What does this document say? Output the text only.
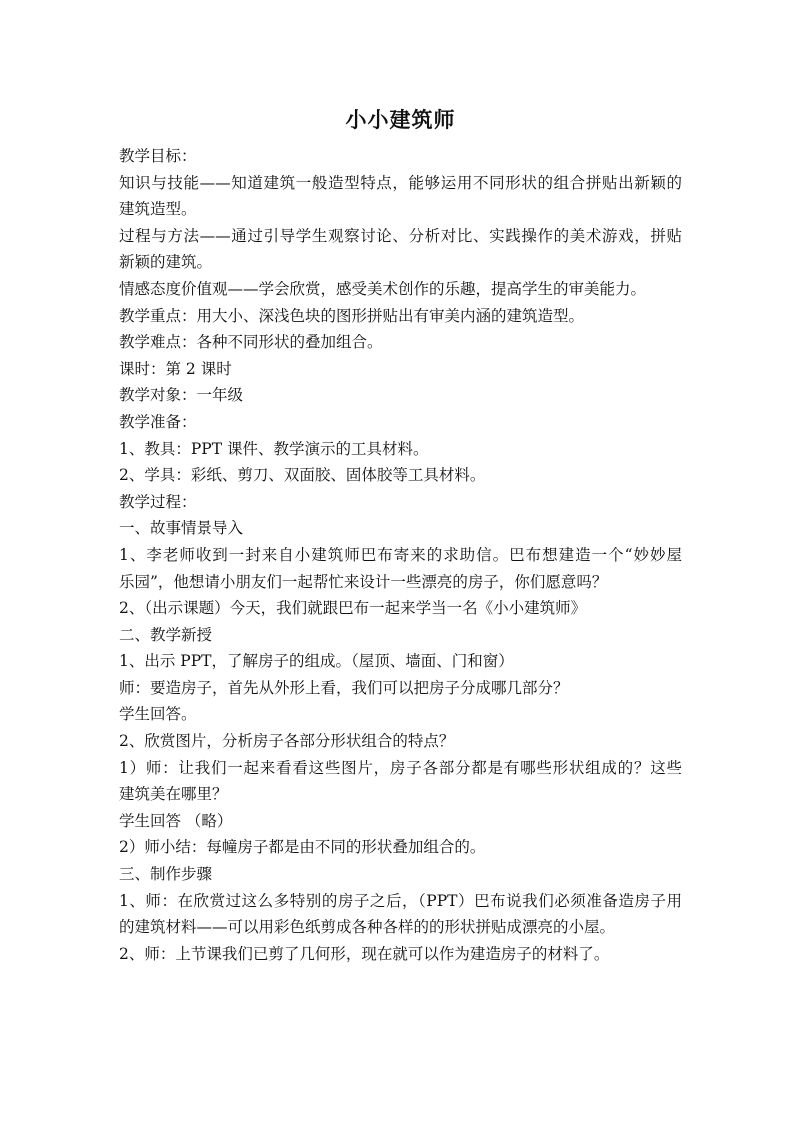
小小建筑师
教学目标：
知识与技能——知道建筑一般造型特点，能够运用不同形状的组合拼贴出新颖的
建筑造型。
过程与方法——通过引导学生观察讨论、分析对比、实践操作的美术游戏，拼贴
新颖的建筑。
情感态度价值观——学会欣赏，感受美术创作的乐趣，提高学生的审美能力。
教学重点：用大小、深浅色块的图形拼贴出有审美内涵的建筑造型。
教学难点：各种不同形状的叠加组合。
课时：第 2 课时
教学对象：一年级
教学准备：
1、教具：PPT 课件、教学演示的工具材料。
2、学具：彩纸、剪刀、双面胶、固体胶等工具材料。
教学过程：
一、故事情景导入
1、李老师收到一封来自小建筑师巴布寄来的求助信。巴布想建造一个“妙妙屋
乐园”，他想请小朋友们一起帮忙来设计一些漂亮的房子，你们愿意吗？
2、（出示课题）今天，我们就跟巴布一起来学当一名《小小建筑师》
二、教学新授
1、出示 PPT，了解房子的组成。（屋顶、墙面、门和窗）
师：要造房子，首先从外形上看，我们可以把房子分成哪几部分？
学生回答。
2、欣赏图片，分析房子各部分形状组合的特点？
1）师：让我们一起来看看这些图片，房子各部分都是有哪些形状组成的？这些
建筑美在哪里？
学生回答 （略）
2）师小结：每幢房子都是由不同的形状叠加组合的。
三、制作步骤
1、师：在欣赏过这么多特别的房子之后，（PPT）巴布说我们必须准备造房子用
的建筑材料——可以用彩色纸剪成各种各样的的形状拼贴成漂亮的小屋。
2、师：上节课我们已剪了几何形，现在就可以作为建造房子的材料了。
